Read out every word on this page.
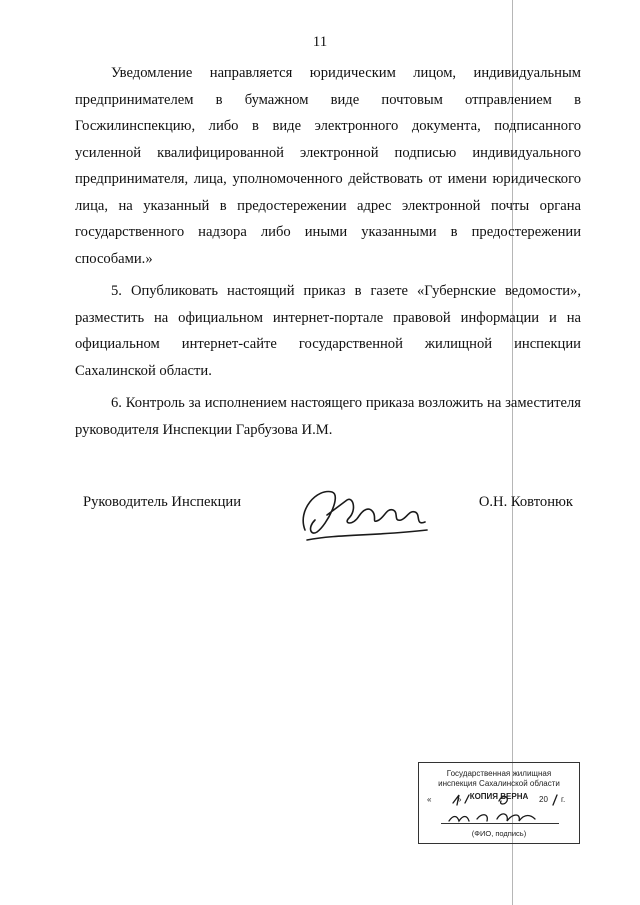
11

Уведомление направляется юридическим лицом, индивидуальным предпринимателем в бумажном виде почтовым отправлением в Госжилинспекцию, либо в виде электронного документа, подписанного усиленной квалифицированной электронной подписью индивидуального предпринимателя, лица, уполномоченного действовать от имени юридического лица, на указанный в предостережении адрес электронной почты органа государственного надзора либо иными указанными в предостережении способами.»

5. Опубликовать настоящий приказ в газете «Губернские ведомости», разместить на официальном интернет-портале правовой информации и на официальном интернет-сайте государственной жилищной инспекции Сахалинской области.

6. Контроль за исполнением настоящего приказа возложить на заместителя руководителя Инспекции Гарбузова И.М.

Руководитель Инспекции	О.Н. Ковтонюк
Государственная жилищная
инспекция Сахалинской области
КОПИЯ ВЕРНА
«	»	20 г.
(ФИО, подпись)
